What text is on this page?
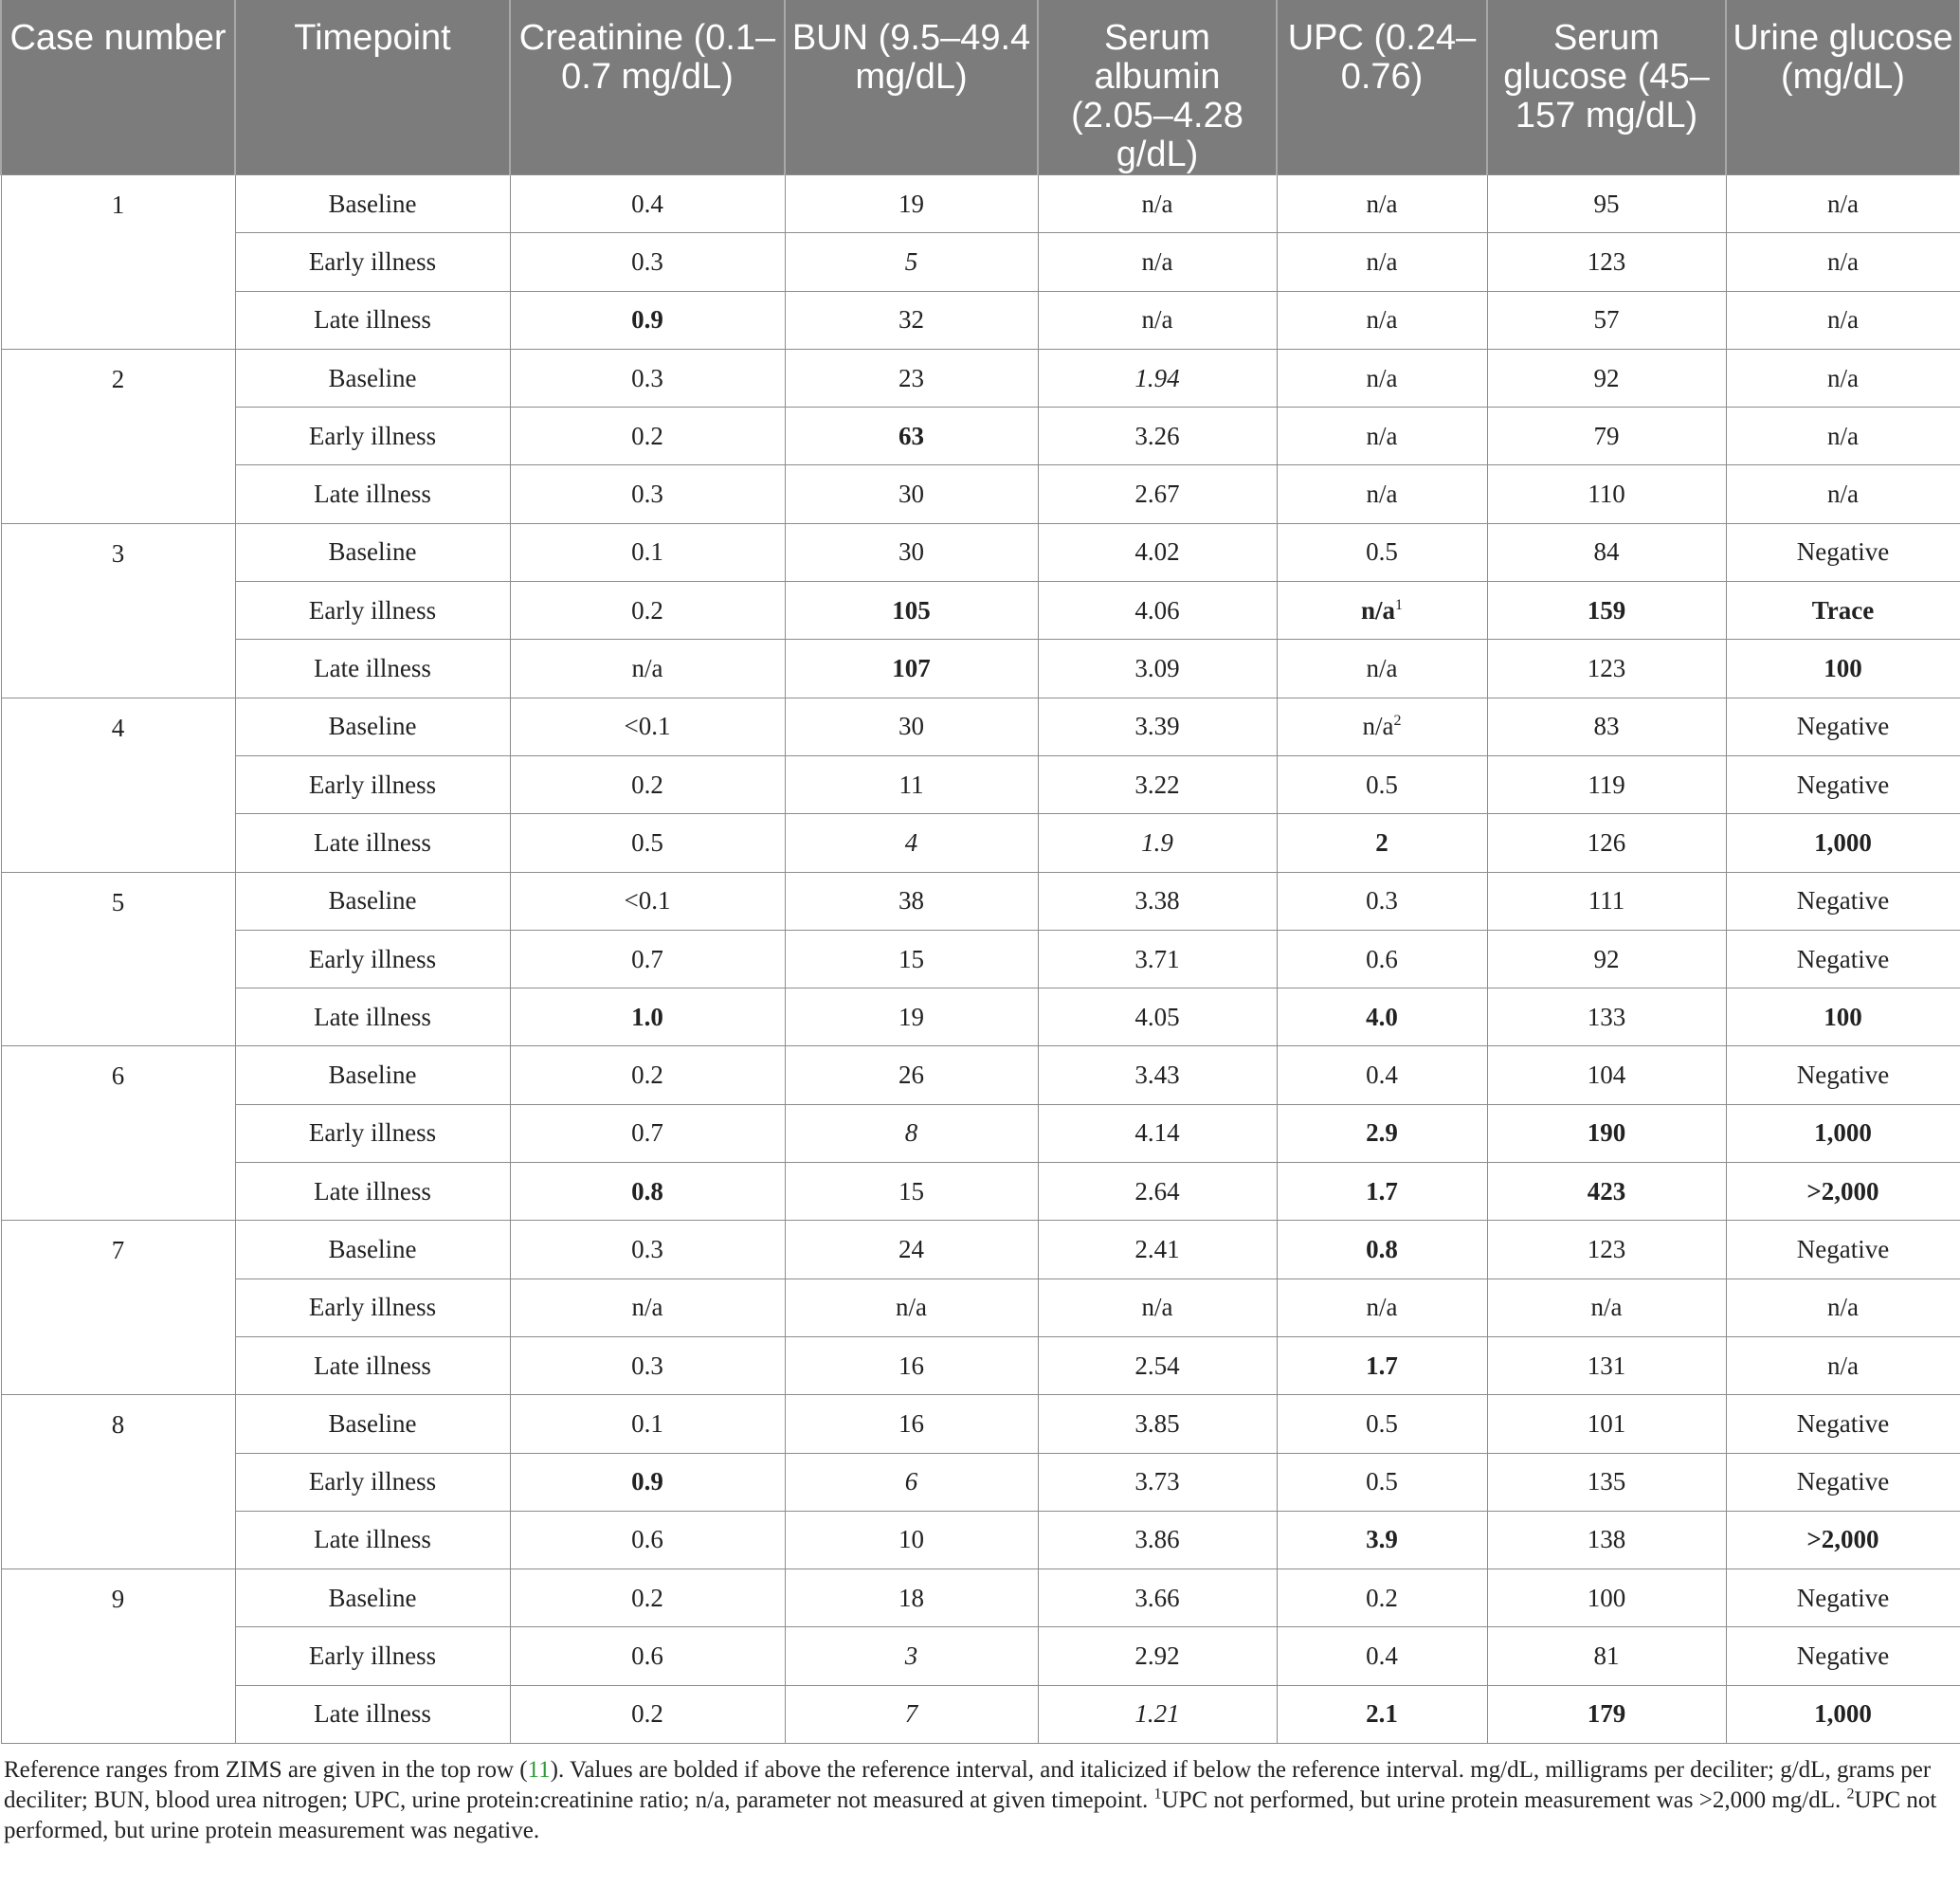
Case number	Timepoint	Creatinine (0.1–0.7 mg/dL)	BUN (9.5–49.4 mg/dL)	Serum albumin (2.05–4.28 g/dL)	UPC (0.24–0.76)	Serum glucose (45–157 mg/dL)	Urine glucose (mg/dL)
1	Baseline	0.4	19	n/a	n/a	95	n/a
	Early illness	0.3	5	n/a	n/a	123	n/a
	Late illness	0.9	32	n/a	n/a	57	n/a
2	Baseline	0.3	23	1.94	n/a	92	n/a
	Early illness	0.2	63	3.26	n/a	79	n/a
	Late illness	0.3	30	2.67	n/a	110	n/a
3	Baseline	0.1	30	4.02	0.5	84	Negative
	Early illness	0.2	105	4.06	$n/a^1$	159	Trace
	Late illness	n/a	107	3.09	n/a	123	100
4	Baseline	<0.1	30	3.39	$n/a^2$	83	Negative
	Early illness	0.2	11	3.22	0.5	119	Negative
	Late illness	0.5	4	1.9	2	126	1,000
5	Baseline	<0.1	38	3.38	0.3	111	Negative
	Early illness	0.7	15	3.71	0.6	92	Negative
	Late illness	1.0	19	4.05	4.0	133	100
6	Baseline	0.2	26	3.43	0.4	104	Negative
	Early illness	0.7	8	4.14	2.9	190	1,000
	Late illness	0.8	15	2.64	1.7	423	>2,000
7	Baseline	0.3	24	2.41	0.8	123	Negative
	Early illness	n/a	n/a	n/a	n/a	n/a	n/a
	Late illness	0.3	16	2.54	1.7	131	n/a
8	Baseline	0.1	16	3.85	0.5	101	Negative
	Early illness	0.9	6	3.73	0.5	135	Negative
	Late illness	0.6	10	3.86	3.9	138	>2,000
9	Baseline	0.2	18	3.66	0.2	100	Negative
	Early illness	0.6	3	2.92	0.4	81	Negative
	Late illness	0.2	7	1.21	2.1	179	1,000

Reference ranges from ZIMS are given in the top row (11). Values are bolded if above the reference interval, and italicized if below the reference interval. mg/dL, milligrams per deciliter; g/dL, grams per deciliter; BUN, blood urea nitrogen; UPC, urine protein:creatinine ratio; n/a, parameter not measured at given timepoint. $^1$UPC not performed, but urine protein measurement was >2,000 mg/dL. $^2$UPC not performed, but urine protein measurement was negative.
